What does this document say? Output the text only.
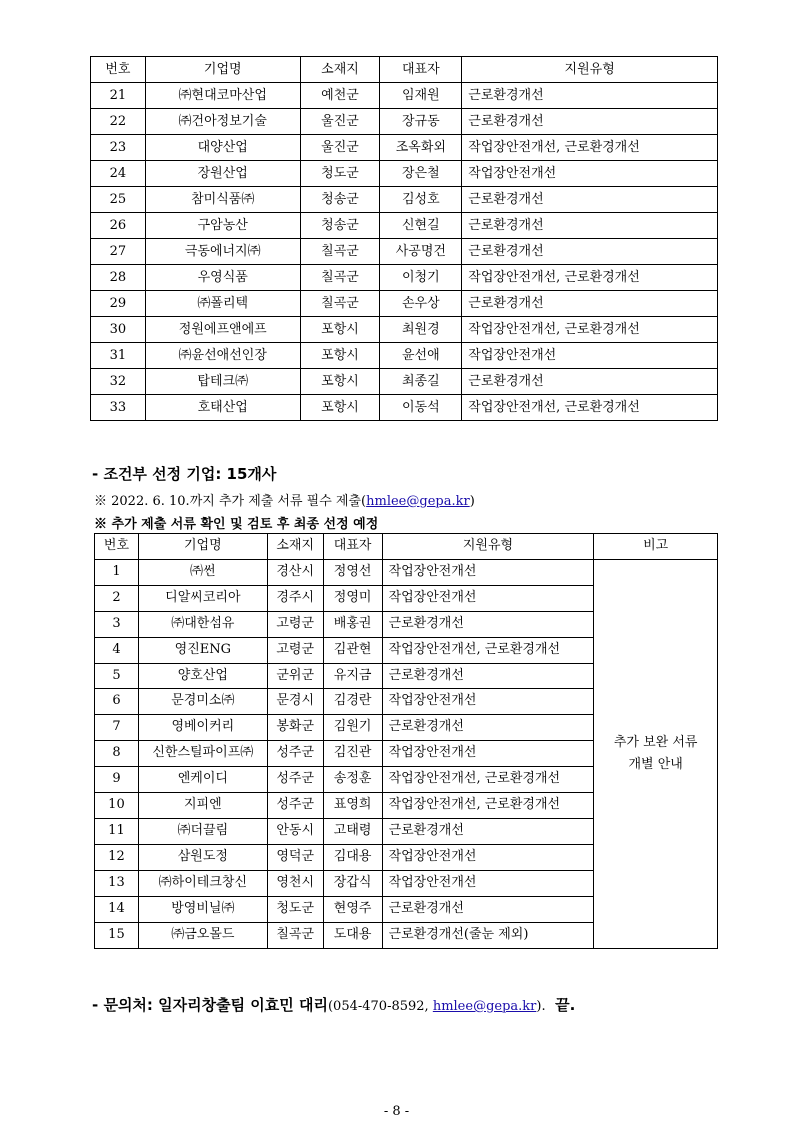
번호	기업명	소재지	대표자	지원유형
21	㈜현대코마산업	예천군	임재원	근로환경개선
22	㈜건아정보기술	울진군	장규동	근로환경개선
23	대양산업	울진군	조옥화외	작업장안전개선, 근로환경개선
24	장원산업	청도군	장은철	작업장안전개선
25	참미식품㈜	청송군	김성호	근로환경개선
26	구암농산	청송군	신현길	근로환경개선
27	극동에너지㈜	칠곡군	사공명건	근로환경개선
28	우영식품	칠곡군	이청기	작업장안전개선, 근로환경개선
29	㈜폴리텍	칠곡군	손우상	근로환경개선
30	정원에프앤에프	포항시	최원경	작업장안전개선, 근로환경개선
31	㈜윤선애선인장	포항시	윤선애	작업장안전개선
32	탑테크㈜	포항시	최종길	근로환경개선
33	호태산업	포항시	이동석	작업장안전개선, 근로환경개선
- 조건부 선정 기업: 15개사
※ 2022. 6. 10.까지 추가 제출 서류 필수 제출(hmlee@gepa.kr)
※ 추가 제출 서류 확인 및 검토 후 최종 선정 예정
번호	기업명	소재지	대표자	지원유형	비고
1	㈜썬	경산시	정영선	작업장안전개선	추가 보완 서류
개별 안내

2	디알씨코리아	경주시	정영미	작업장안전개선	
3	㈜대한섬유	고령군	배홍권	근로환경개선	
4	영진ENG	고령군	김관현	작업장안전개선, 근로환경개선	
5	양호산업	군위군	유지금	근로환경개선	
6	문경미소㈜	문경시	김경란	작업장안전개선	
7	영베이커리	봉화군	김원기	근로환경개선	
8	신한스틸파이프㈜	성주군	김진관	작업장안전개선	
9	엔케이디	성주군	송정훈	작업장안전개선, 근로환경개선	
10	지피엔	성주군	표영희	작업장안전개선, 근로환경개선	
11	㈜더끌림	안동시	고태령	근로환경개선	
12	삼원도정	영덕군	김대용	작업장안전개선	
13	㈜하이테크창신	영천시	장갑식	작업장안전개선	
14	방영비닐㈜	청도군	현영주	근로환경개선	
15	㈜금오몰드	칠곡군	도대용	근로환경개선(줄눈 제외)	
- 문의처: 일자리창출팀 이효민 대리(054-470-8592, hmlee@gepa.kr). 끝.
- 8 -
